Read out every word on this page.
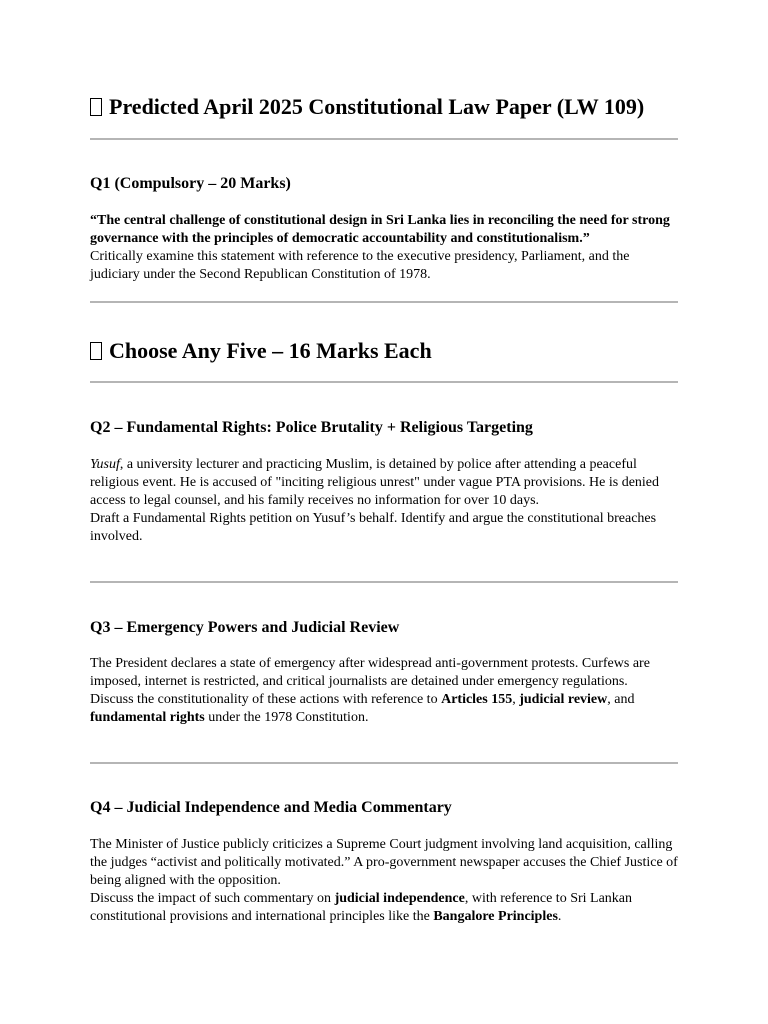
Predicted April 2025 Constitutional Law Paper (LW 109)
Q1 (Compulsory – 20 Marks)

“The central challenge of constitutional design in Sri Lanka lies in reconciling the need for strong governance with the principles of democratic accountability and constitutionalism.”

Critically examine this statement with reference to the executive presidency, Parliament, and the judiciary under the Second Republican Constitution of 1978.

Choose Any Five – 16 Marks Each
Q2 – Fundamental Rights: Police Brutality + Religious Targeting

Yusuf, a university lecturer and practicing Muslim, is detained by police after attending a peaceful religious event. He is accused of "inciting religious unrest" under vague PTA provisions. He is denied access to legal counsel, and his family receives no information for over 10 days.

Draft a Fundamental Rights petition on Yusuf’s behalf. Identify and argue the constitutional breaches involved.

Q3 – Emergency Powers and Judicial Review

The President declares a state of emergency after widespread anti-government protests. Curfews are imposed, internet is restricted, and critical journalists are detained under emergency regulations.

Discuss the constitutionality of these actions with reference to Articles 155, judicial review, and fundamental rights under the 1978 Constitution.

Q4 – Judicial Independence and Media Commentary

The Minister of Justice publicly criticizes a Supreme Court judgment involving land acquisition, calling the judges “activist and politically motivated.” A pro-government newspaper accuses the Chief Justice of being aligned with the opposition.

Discuss the impact of such commentary on judicial independence, with reference to Sri Lankan constitutional provisions and international principles like the Bangalore Principles.
